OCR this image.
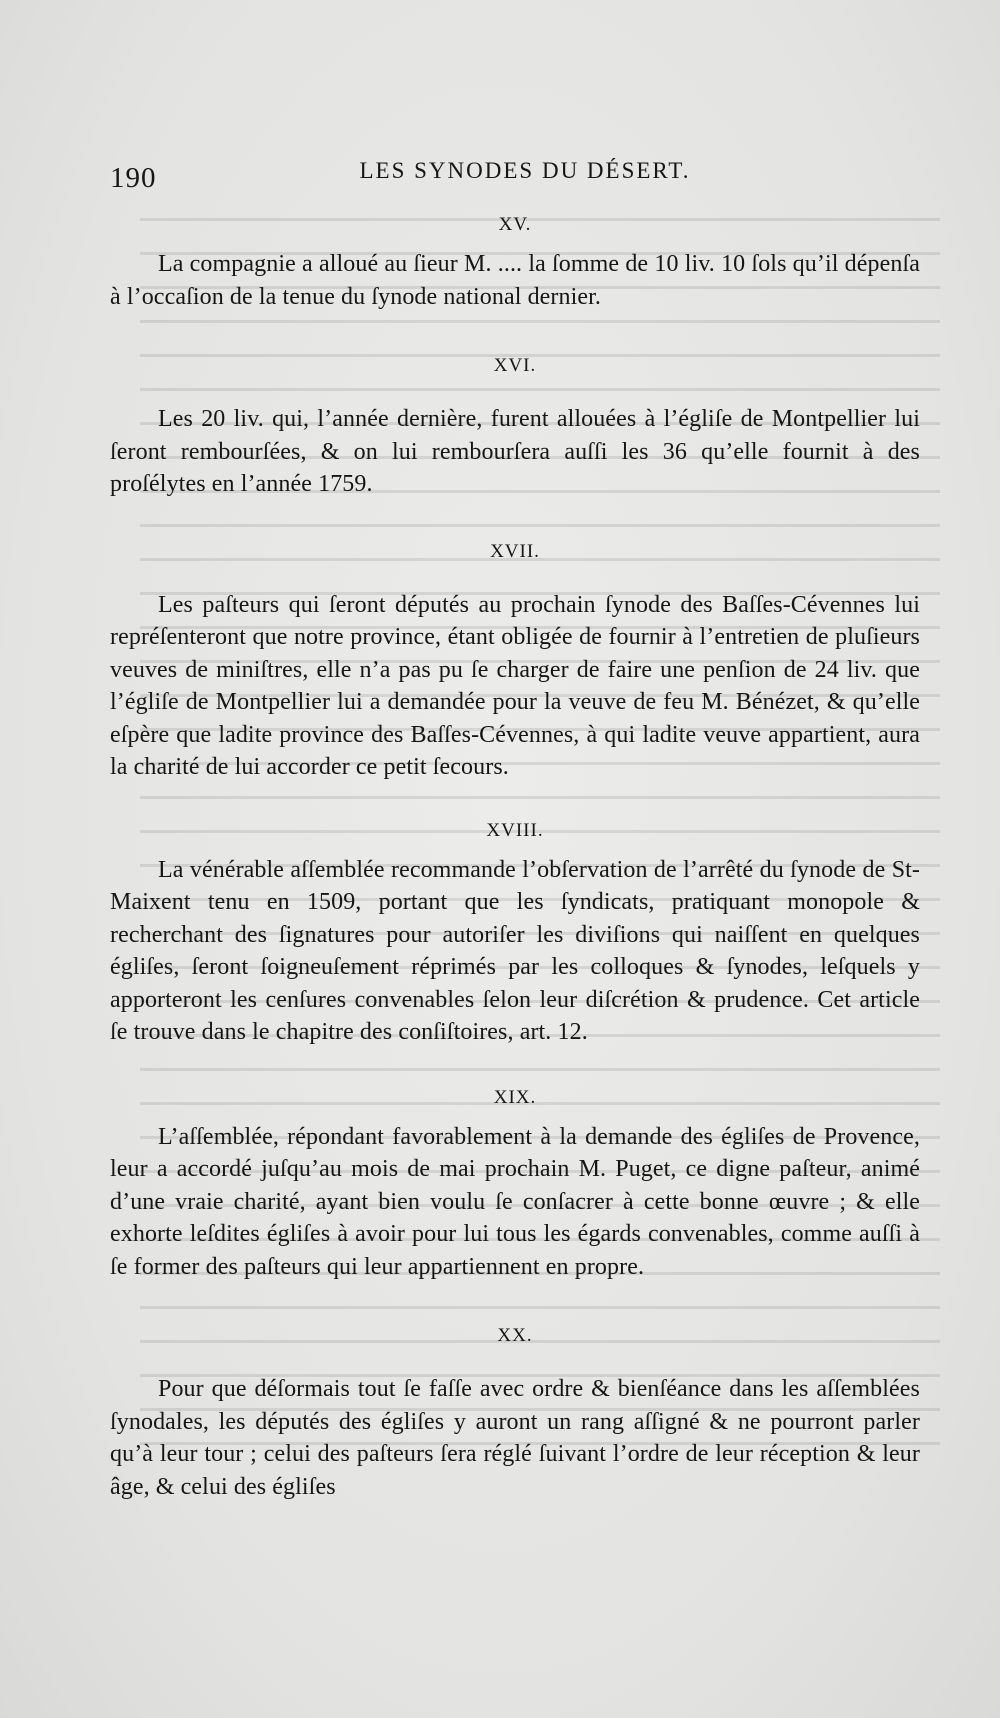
190	LES SYNODES DU DÉSERT.

XV.

La compagnie a alloué au ſieur M. .... la ſomme de 10 liv. 10 ſols qu’il dépenſa à l’occaſion de la tenue du ſynode national dernier.

XVI.

Les 20 liv. qui, l’année dernière, furent allouées à l’égliſe de Montpellier lui ſeront rembourſées, & on lui rembourſera auſſi les 36 qu’elle fournit à des proſélytes en l’année 1759.

XVII.

Les paſteurs qui ſeront députés au prochain ſynode des Baſſes-Cévennes lui repréſenteront que notre province, étant obligée de fournir à l’entretien de pluſieurs veuves de miniſtres, elle n’a pas pu ſe charger de faire une penſion de 24 liv. que l’égliſe de Montpellier lui a demandée pour la veuve de feu M. Bénézet, & qu’elle eſpère que ladite province des Baſſes-Cévennes, à qui ladite veuve appartient, aura la charité de lui accorder ce petit ſecours.

XVIII.

La vénérable aſſemblée recommande l’obſervation de l’arrêté du ſynode de St-Maixent tenu en 1509, portant que les ſyndicats, pratiquant monopole & recherchant des ſignatures pour autoriſer les diviſions qui naiſſent en quelques égliſes, ſeront ſoigneuſement réprimés par les colloques & ſynodes, leſquels y apporteront les cenſures convenables ſelon leur diſcrétion & prudence. Cet article ſe trouve dans le chapitre des conſiſtoires, art. 12.

XIX.

L’aſſemblée, répondant favorablement à la demande des égliſes de Provence, leur a accordé juſqu’au mois de mai prochain M. Puget, ce digne paſteur, animé d’une vraie charité, ayant bien voulu ſe conſacrer à cette bonne œuvre ; & elle exhorte leſdites égliſes à avoir pour lui tous les égards convenables, comme auſſi à ſe former des paſteurs qui leur appartiennent en propre.

XX.

Pour que déſormais tout ſe faſſe avec ordre & bienſéance dans les aſſemblées ſynodales, les députés des égliſes y auront un rang aſſigné & ne pourront parler qu’à leur tour ; celui des paſteurs ſera réglé ſuivant l’ordre de leur réception & leur âge, & celui des égliſes
